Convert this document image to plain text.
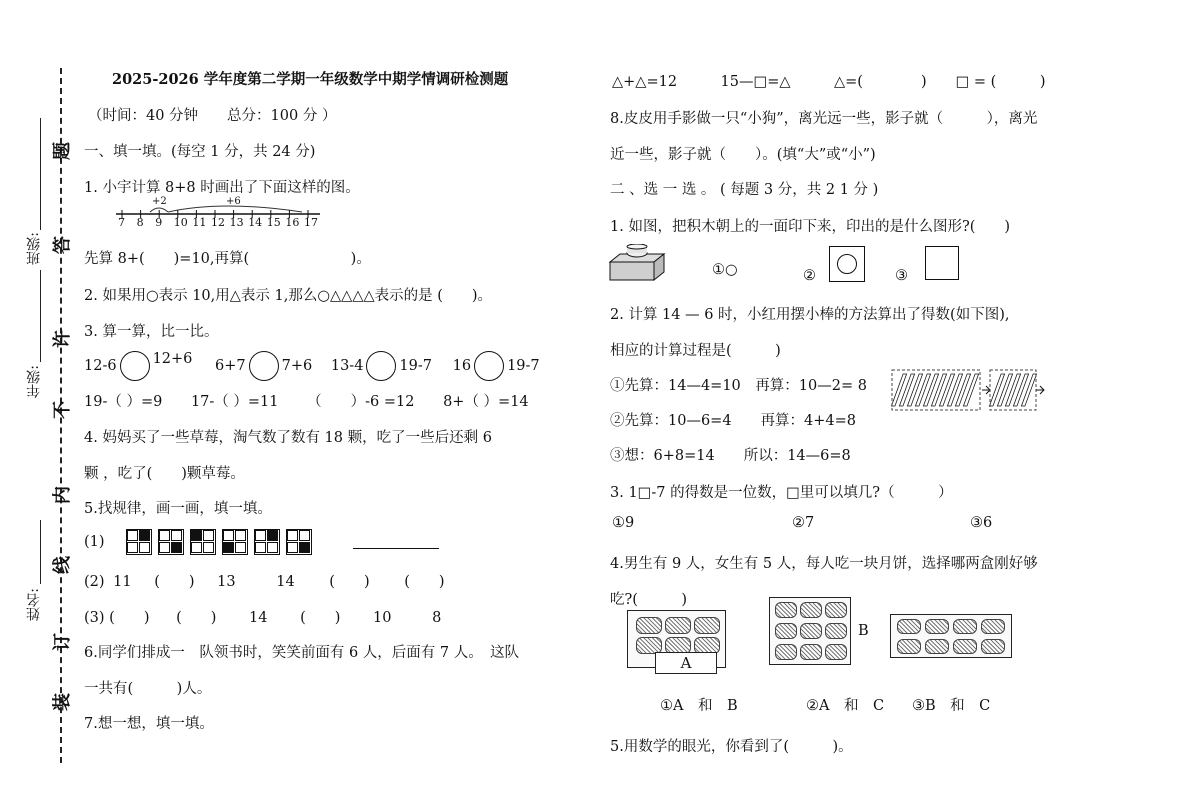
题
答
许
不
内
线
订
装
班级:
年级:
姓名:
2025-2026 学年度第二学期一年级数学中期学情调研检测题
（时间：40 分钟　　总分：100 分 ）
一、填一填。(每空 1 分，共 24 分)
1. 小宇计算 8+8 时画出了下面这样的图。
+2	+6
7 8 9 10 11 12 13 14 15 16 17
先算 8+(　　)=10,再算(　　　　　　　)。
2. 如果用○表示 10,用△表示 1,那么○△△△△表示的是 (　　)。
3. 算一算，比一比。
12-6 12+6 6+7 7+6 13-4 19-7 16 19-7
19-（ ）=9 17-（ ）=11 （　　）-6 =12 8+（ ）=14
4. 妈妈买了一些草莓，淘气数了数有 18 颗，吃了一些后还剩 6
颗 ，吃了(　　)颗草莓。
5.找规律，画一画，填一填。
(1)
(2) 11 (　　) 13	14 (　　) (　　)
(3) (　　) (　　) 14 (　　) 10	8
6.同学们排成一　队领书时，笑笑前面有 6 人，后面有 7 人。　这队
一共有(　　　)人。
7.想一想，填一填。
△+△=12　　　15—□=△　　　△=(　　　　)　　□ = (　　　)
8.皮皮用手影做一只“小狗”，离光远一些，影子就（　　　），离光
近一些，影子就（　　）。(填“大”或“小”)
二 、选 一 选 。 ( 每题 3 分，共 2 1 分 )
1. 如图，把积木朝上的一面印下来，印出的是什么图形?(　　)
①○	②	③
2. 计算 14 — 6 时，小红用摆小棒的方法算出了得数(如下图),
相应的计算过程是(　　　)
①先算：14—4=10　再算：10—2= 8
②先算：10—6=4　　再算：4+4=8
③想：6+8=14　　所以：14—6=8
3. 1□-7 的得数是一位数，□里可以填几?（　　　）
①9	②7	③6
4.男生有 9 人，女生有 5 人，每人吃一块月饼，选择哪两盒刚好够
吃?(　　　)
A
B
①A　和　B	②A　和　C ③B　和　C
5.用数学的眼光，你看到了(　　　)。
